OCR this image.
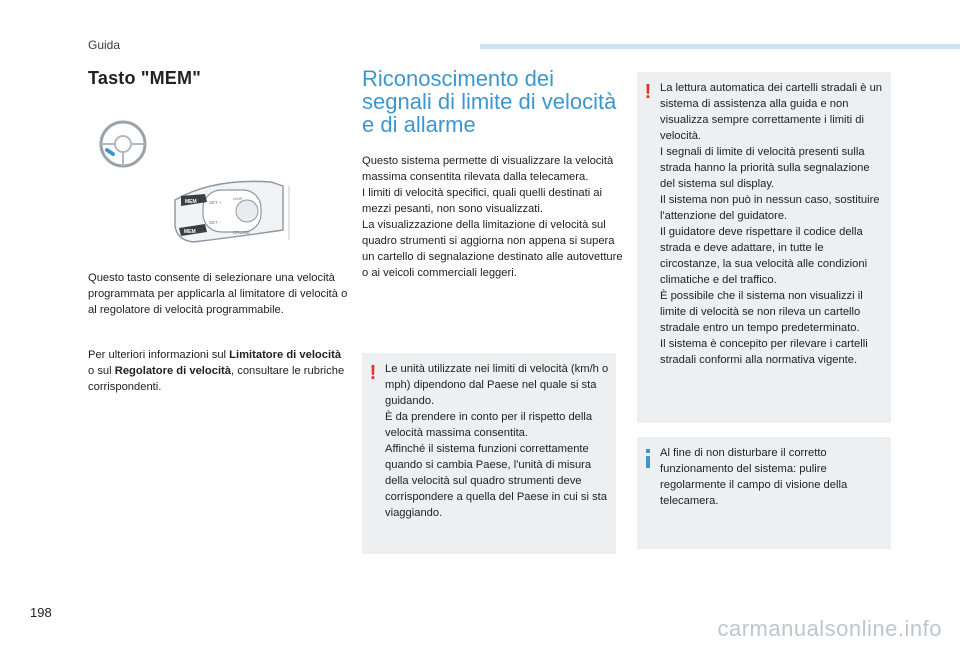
Guida
Tasto "MEM"
MEM
MEM
SET +
SET -
CRUISE
LIMIT
Questo tasto consente di selezionare una velocità programmata per applicarla al limitatore di velocità o al regolatore di velocità programmabile.
Per ulteriori informazioni sul Limitatore di velocità o sul Regolatore di velocità, consultare le rubriche corrispondenti.
Riconoscimento dei segnali di limite di velocità e di allarme
Questo sistema permette di visualizzare la velocità massima consentita rilevata dalla telecamera.
I limiti di velocità specifici, quali quelli destinati ai mezzi pesanti, non sono visualizzati.
La visualizzazione della limitazione di velocità sul quadro strumenti si aggiorna non appena si supera un cartello di segnalazione destinato alle autovetture o ai veicoli commerciali leggeri.
! Le unità utilizzate nei limiti di velocità (km/h o mph) dipendono dal Paese nel quale si sta guidando.
È da prendere in conto per il rispetto della velocità massima consentita.
Affinché il sistema funzioni correttamente quando si cambia Paese, l'unità di misura della velocità sul quadro strumenti deve corrispondere a quella del Paese in cui si sta viaggiando.
! La lettura automatica dei cartelli stradali è un sistema di assistenza alla guida e non visualizza sempre correttamente i limiti di velocità.
I segnali di limite di velocità presenti sulla strada hanno la priorità sulla segnalazione del sistema sul display.
Il sistema non può in nessun caso, sostituire l'attenzione del guidatore.
Il guidatore deve rispettare il codice della strada e deve adattare, in tutte le circostanze, la sua velocità alle condizioni climatiche e del traffico.
È possibile che il sistema non visualizzi il limite di velocità se non rileva un cartello stradale entro un tempo predeterminato.
Il sistema è concepito per rilevare i cartelli stradali conformi alla normativa vigente.
Al fine di non disturbare il corretto funzionamento del sistema: pulire regolarmente il campo di visione della telecamera.
198
carmanualsonline.info
